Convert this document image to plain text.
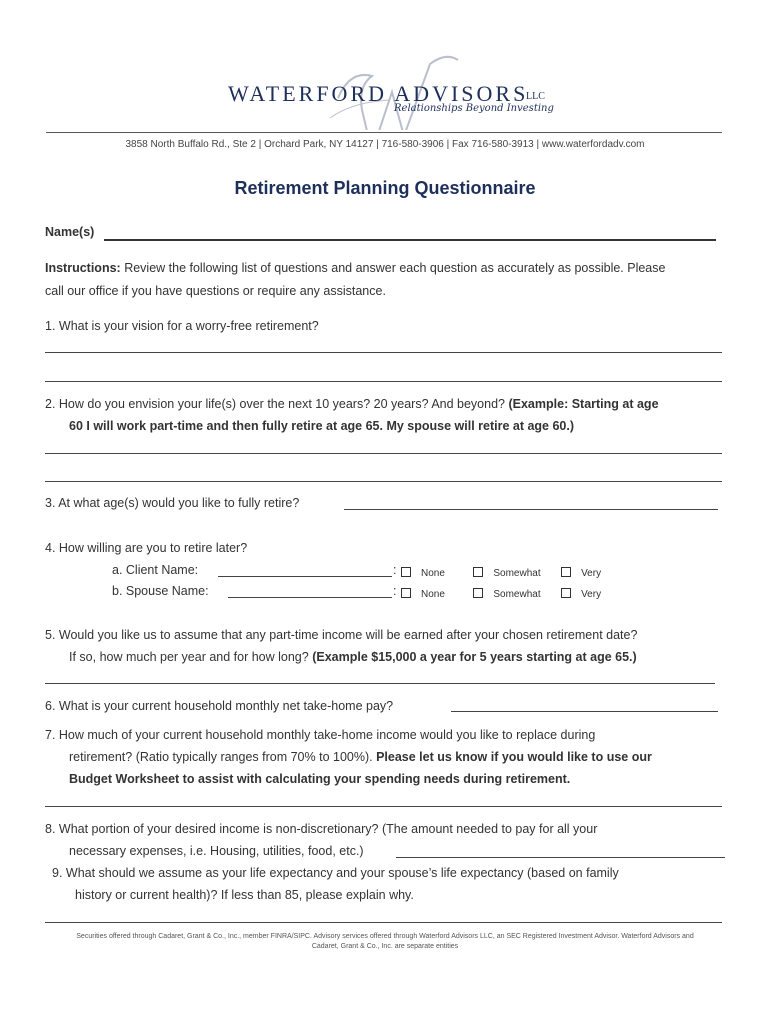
WATERFORD ADVISORS
LLC
Relationships Beyond Investing
3858 North Buffalo Rd., Ste 2 | Orchard Park, NY 14127 | 716-580-3906 | Fax 716-580-3913 | www.waterfordadv.com
Retirement Planning Questionnaire
Name(s)
Instructions: Review the following list of questions and answer each question as accurately as possible. Please
call our office if you have questions or require any assistance.
1. What is your vision for a worry-free retirement?
2. How do you envision your life(s) over the next 10 years? 20 years? And beyond? (Example: Starting at age
60 I will work part-time and then fully retire at age 65. My spouse will retire at age 60.)
3. At what age(s) would you like to fully retire?
4. How willing are you to retire later?
a. Client Name:	:	None	Somewhat	Very
b. Spouse Name:	:	None	Somewhat	Very
5. Would you like us to assume that any part-time income will be earned after your chosen retirement date?
If so, how much per year and for how long? (Example $15,000 a year for 5 years starting at age 65.)
6. What is your current household monthly net take-home pay?
7. How much of your current household monthly take-home income would you like to replace during
retirement? (Ratio typically ranges from 70% to 100%). Please let us know if you would like to use our
Budget Worksheet to assist with calculating your spending needs during retirement.
8. What portion of your desired income is non-discretionary? (The amount needed to pay for all your
necessary expenses, i.e. Housing, utilities, food, etc.)
9. What should we assume as your life expectancy and your spouse’s life expectancy (based on family
history or current health)? If less than 85, please explain why.
Securities offered through Cadaret, Grant & Co., Inc., member FINRA/SIPC. Advisory services offered through Waterford Advisors LLC, an SEC Registered Investment Advisor. Waterford Advisors and
Cadaret, Grant & Co., Inc. are separate entities
